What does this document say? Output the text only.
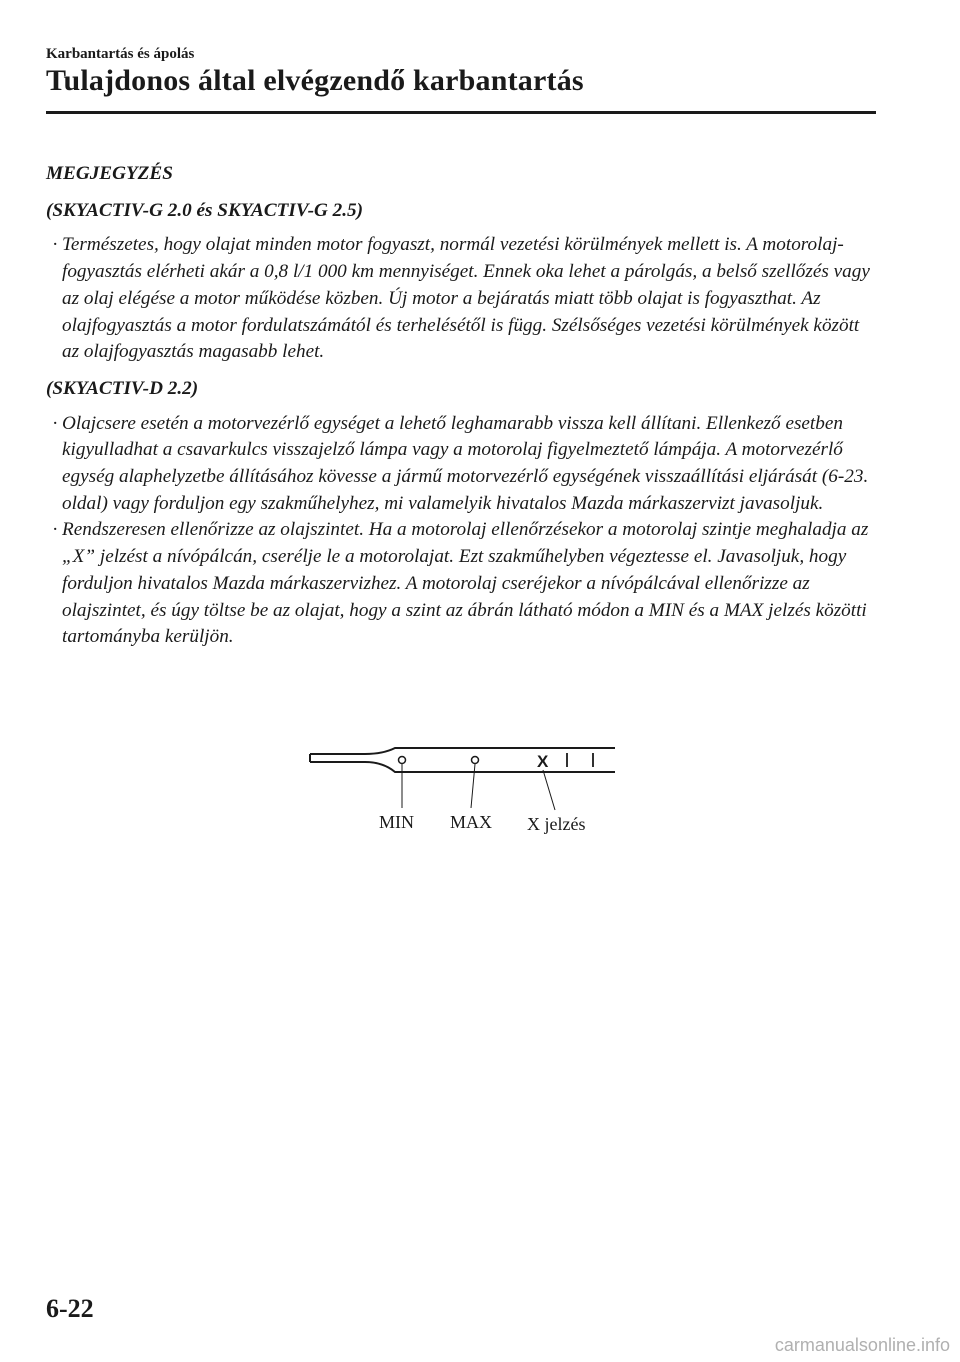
Karbantartás és ápolás
Tulajdonos által elvégzendő karbantartás

MEGJEGYZÉS

(SKYACTIV-G 2.0 és SKYACTIV-G 2.5)

· Természetes, hogy olajat minden motor fogyaszt, normál vezetési körülmények mellett is. A motorolaj-fogyasztás elérheti akár a 0,8 l/1 000 km mennyiséget. Ennek oka lehet a párolgás, a belső szellőzés vagy az olaj elégése a motor működése közben. Új motor a bejáratás miatt több olajat is fogyaszthat. Az olajfogyasztás a motor fordulatszámától és terhelésétől is függ. Szélsőséges vezetési körülmények között az olajfogyasztás magasabb lehet.

(SKYACTIV-D 2.2)

· Olajcsere esetén a motorvezérlő egységet a lehető leghamarabb vissza kell állítani. Ellenkező esetben kigyulladhat a csavarkulcs visszajelző lámpa vagy a motorolaj figyelmeztető lámpája. A motorvezérlő egység alaphelyzetbe állításához kövesse a jármű motorvezérlő egységének visszaállítási eljárását (6-23. oldal) vagy forduljon egy szakműhelyhez, mi valamelyik hivatalos Mazda márkaszervizt javasoljuk.

· Rendszeresen ellenőrizze az olajszintet. Ha a motorolaj ellenőrzésekor a motorolaj szintje meghaladja az „X” jelzést a nívópálcán, cserélje le a motorolajat. Ezt szakműhelyben végeztesse el. Javasoljuk, hogy forduljon hivatalos Mazda márkaszervizhez. A motorolaj cseréjekor a nívópálcával ellenőrizze az olajszintet, és úgy töltse be az olajat, hogy a szint az ábrán látható módon a MIN és a MAX jelzés közötti tartományba kerüljön.

X
MIN MAX X jelzés
6-22
carmanualsonline.info
